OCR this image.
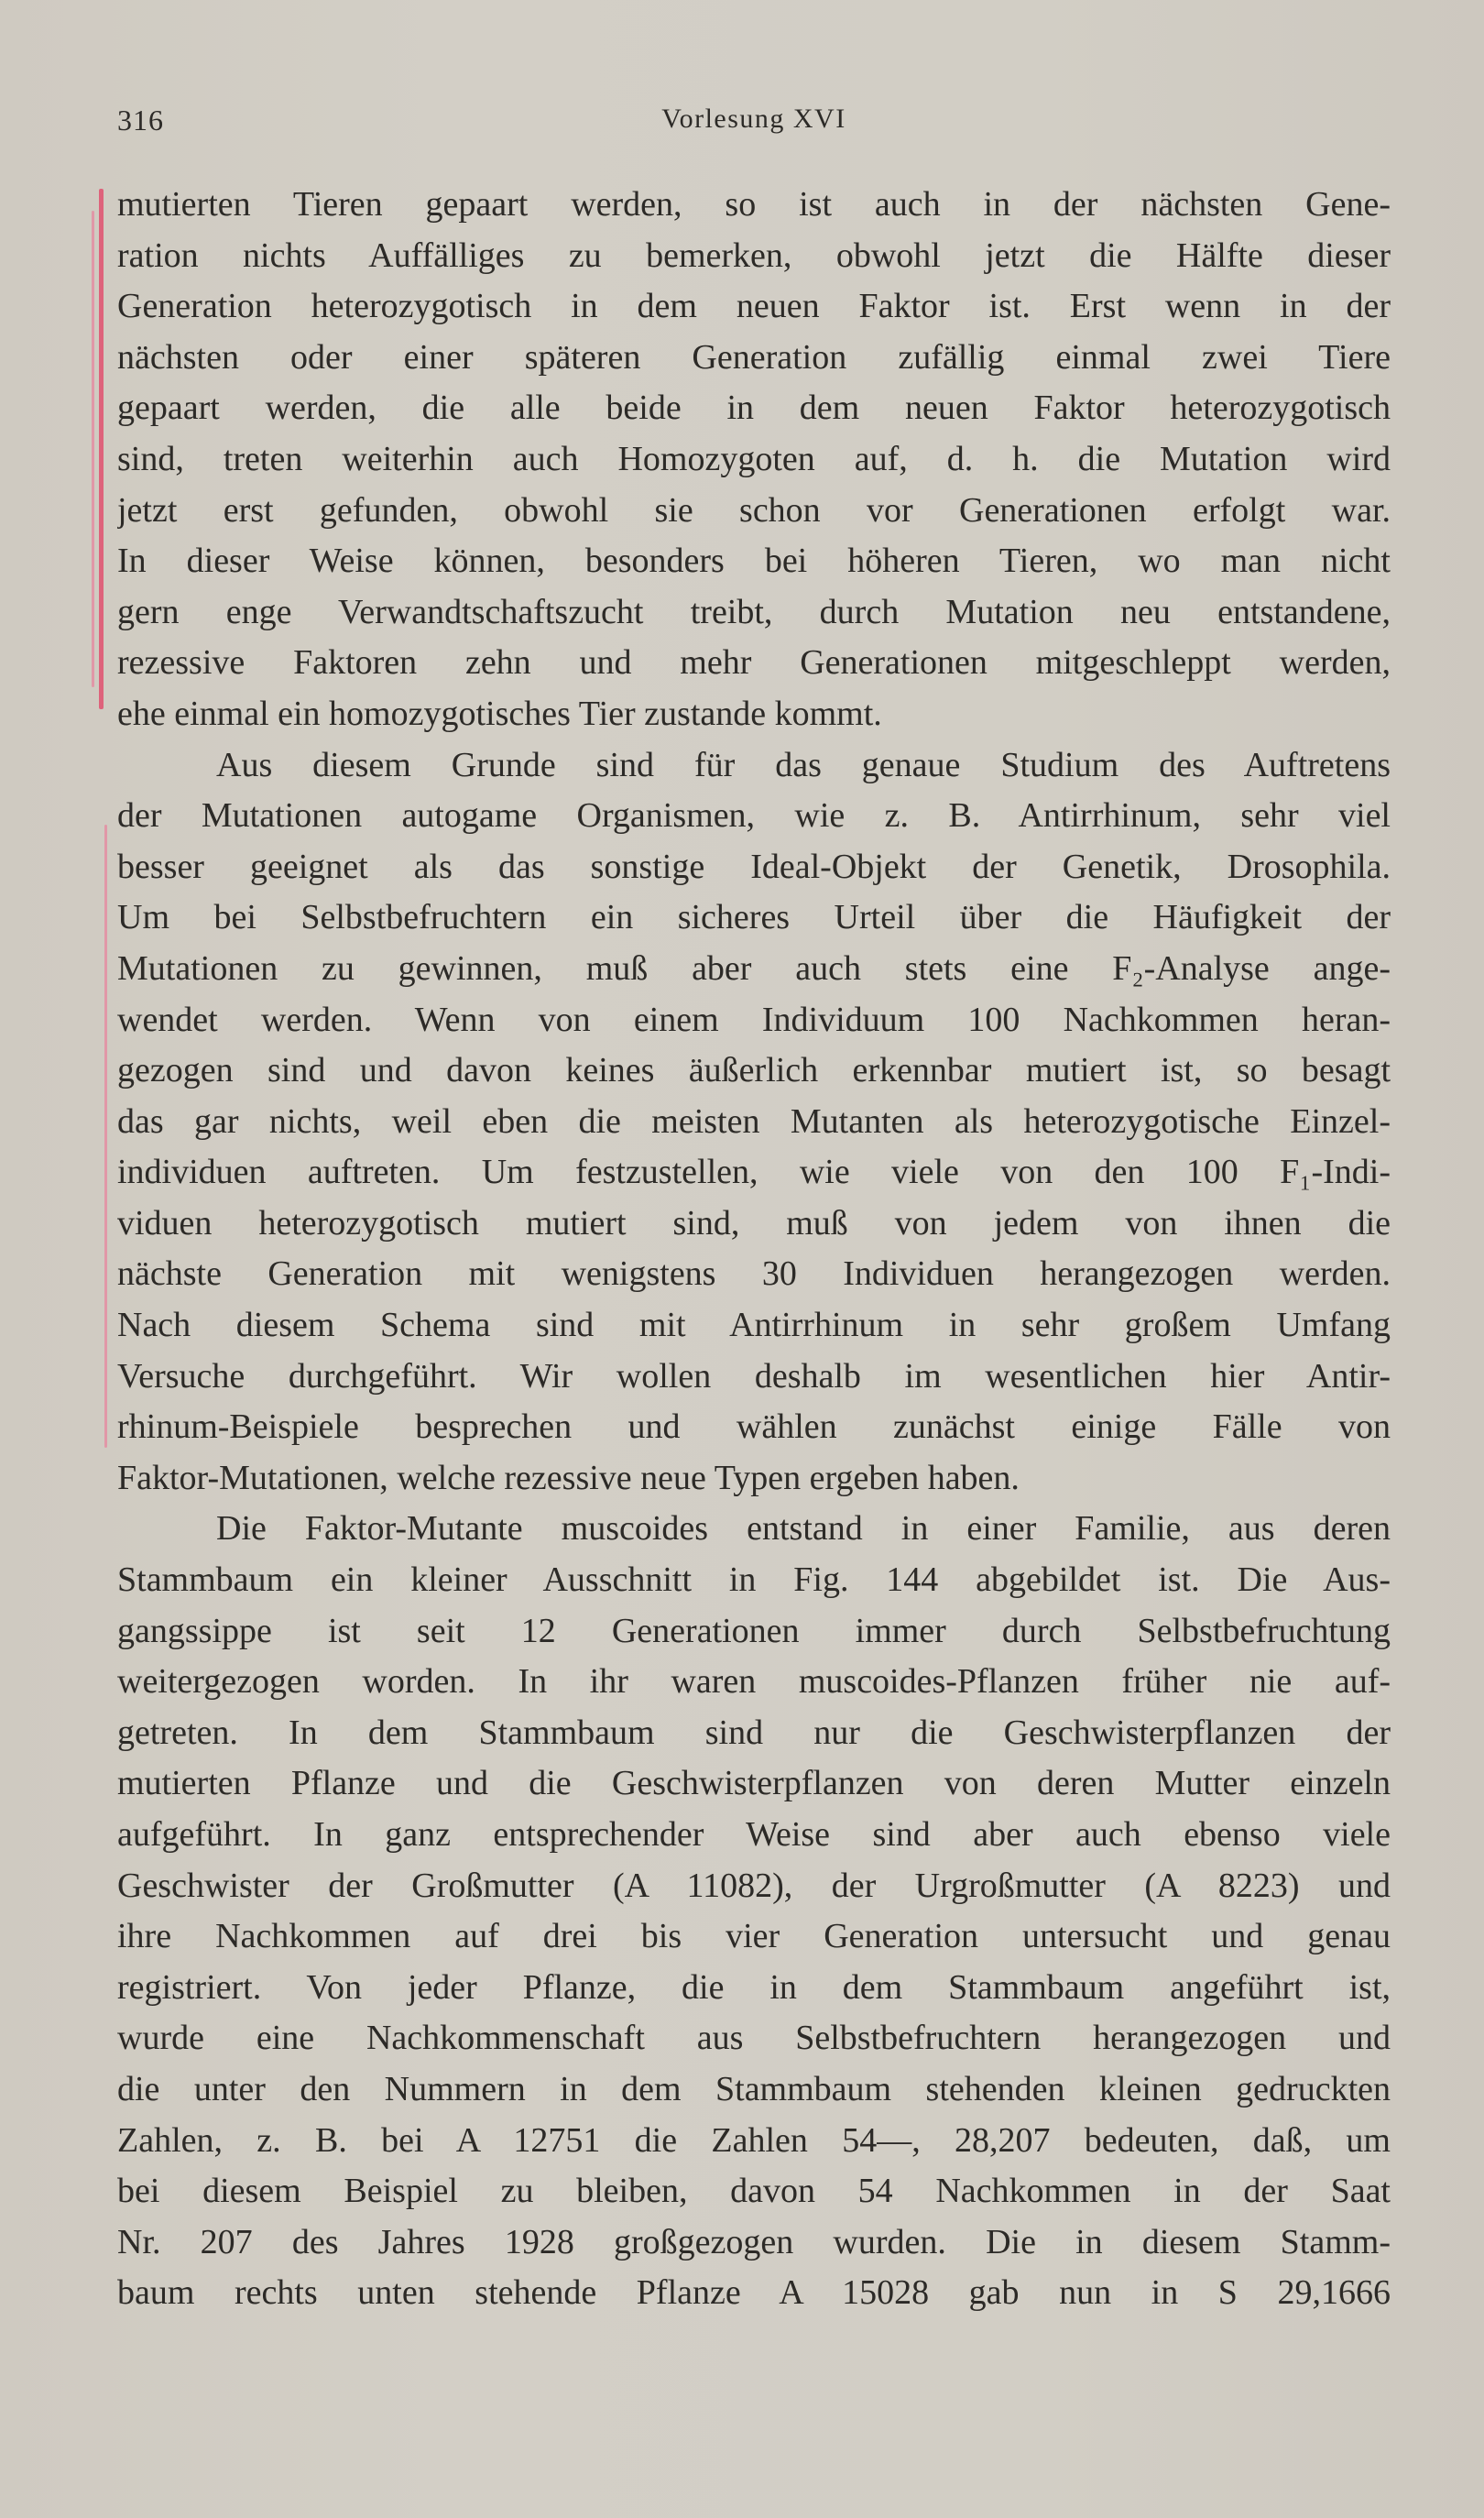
316	Vorlesung XVI
mutierten Tieren gepaart werden, so ist auch in der nächsten Gene-
ration nichts Auffälliges zu bemerken, obwohl jetzt die Hälfte dieser
Generation heterozygotisch in dem neuen Faktor ist. Erst wenn in der
nächsten oder einer späteren Generation zufällig einmal zwei Tiere
gepaart werden, die alle beide in dem neuen Faktor heterozygotisch
sind, treten weiterhin auch Homozygoten auf, d. h. die Mutation wird
jetzt erst gefunden, obwohl sie schon vor Generationen erfolgt war.
In dieser Weise können, besonders bei höheren Tieren, wo man nicht
gern enge Verwandtschaftszucht treibt, durch Mutation neu entstandene,
rezessive Faktoren zehn und mehr Generationen mitgeschleppt werden,
ehe einmal ein homozygotisches Tier zustande kommt.
Aus diesem Grunde sind für das genaue Studium des Auftretens
der Mutationen autogame Organismen, wie z. B. Antirrhinum, sehr viel
besser geeignet als das sonstige Ideal-Objekt der Genetik, Drosophila.
Um bei Selbstbefruchtern ein sicheres Urteil über die Häufigkeit der
Mutationen zu gewinnen, muß aber auch stets eine F₂-Analyse ange-
wendet werden. Wenn von einem Individuum 100 Nachkommen heran-
gezogen sind und davon keines äußerlich erkennbar mutiert ist, so besagt
das gar nichts, weil eben die meisten Mutanten als heterozygotische Einzel-
individuen auftreten. Um festzustellen, wie viele von den 100 F₁-Indi-
viduen heterozygotisch mutiert sind, muß von jedem von ihnen die
nächste Generation mit wenigstens 30 Individuen herangezogen werden.
Nach diesem Schema sind mit Antirrhinum in sehr großem Umfang
Versuche durchgeführt. Wir wollen deshalb im wesentlichen hier Antir-
rhinum-Beispiele besprechen und wählen zunächst einige Fälle von
Faktor-Mutationen, welche rezessive neue Typen ergeben haben.
Die Faktor-Mutante muscoides entstand in einer Familie, aus deren
Stammbaum ein kleiner Ausschnitt in Fig. 144 abgebildet ist. Die Aus-
gangssippe ist seit 12 Generationen immer durch Selbstbefruchtung
weitergezogen worden. In ihr waren muscoides-Pflanzen früher nie auf-
getreten. In dem Stammbaum sind nur die Geschwisterpflanzen der
mutierten Pflanze und die Geschwisterpflanzen von deren Mutter einzeln
aufgeführt. In ganz entsprechender Weise sind aber auch ebenso viele
Geschwister der Großmutter (A 11082), der Urgroßmutter (A 8223) und
ihre Nachkommen auf drei bis vier Generation untersucht und genau
registriert. Von jeder Pflanze, die in dem Stammbaum angeführt ist,
wurde eine Nachkommenschaft aus Selbstbefruchtern herangezogen und
die unter den Nummern in dem Stammbaum stehenden kleinen gedruckten
Zahlen, z. B. bei A 12751 die Zahlen 54—, 28,207 bedeuten, daß, um
bei diesem Beispiel zu bleiben, davon 54 Nachkommen in der Saat
Nr. 207 des Jahres 1928 großgezogen wurden. Die in diesem Stamm-
baum rechts unten stehende Pflanze A 15028 gab nun in S 29,1666
